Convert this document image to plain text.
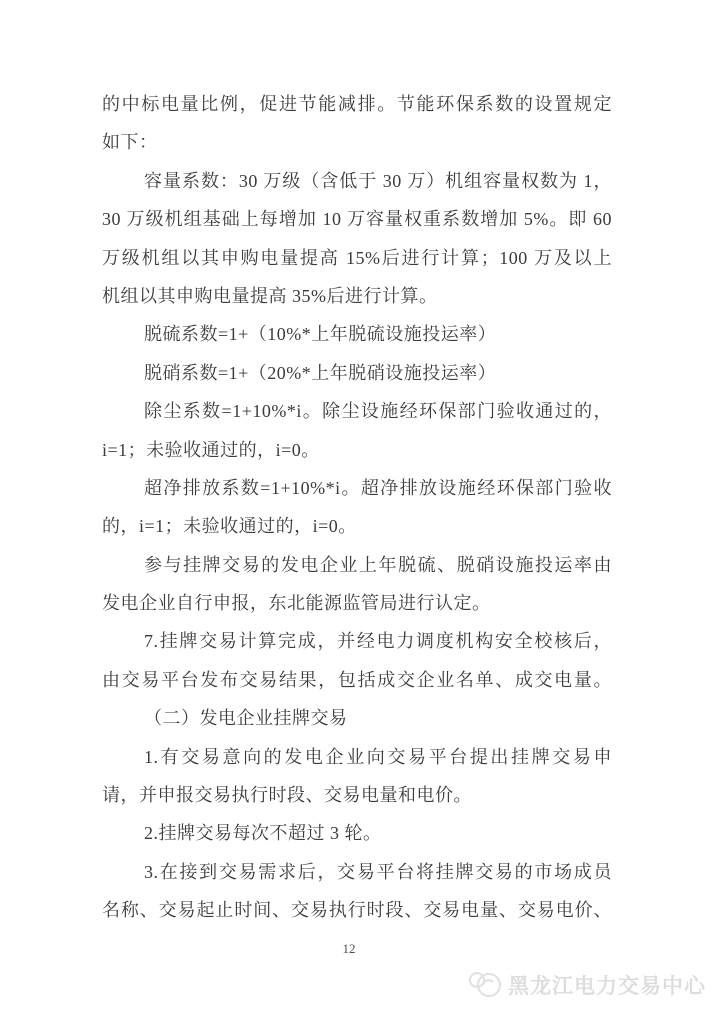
的中标电量比例，促进节能减排。节能环保系数的设置规定
如下：
容量系数：30 万级（含低于 30 万）机组容量权数为 1，
30 万级机组基础上每增加 10 万容量权重系数增加 5%。即 60
万级机组以其申购电量提高 15%后进行计算；100 万及以上
机组以其申购电量提高 35%后进行计算。
脱硫系数=1+（10%*上年脱硫设施投运率）
脱硝系数=1+（20%*上年脱硝设施投运率）
除尘系数=1+10%*i。除尘设施经环保部门验收通过的，
i=1；未验收通过的，i=0。
超净排放系数=1+10%*i。超净排放设施经环保部门验收
的，i=1；未验收通过的，i=0。
参与挂牌交易的发电企业上年脱硫、脱硝设施投运率由
发电企业自行申报，东北能源监管局进行认定。
7.挂牌交易计算完成，并经电力调度机构安全校核后，
由交易平台发布交易结果，包括成交企业名单、成交电量。
（二）发电企业挂牌交易
1.有交易意向的发电企业向交易平台提出挂牌交易申
请，并申报交易执行时段、交易电量和电价。
2.挂牌交易每次不超过 3 轮。
3.在接到交易需求后，交易平台将挂牌交易的市场成员
名称、交易起止时间、交易执行时段、交易电量、交易电价、
12
黑龙江电力交易中心
